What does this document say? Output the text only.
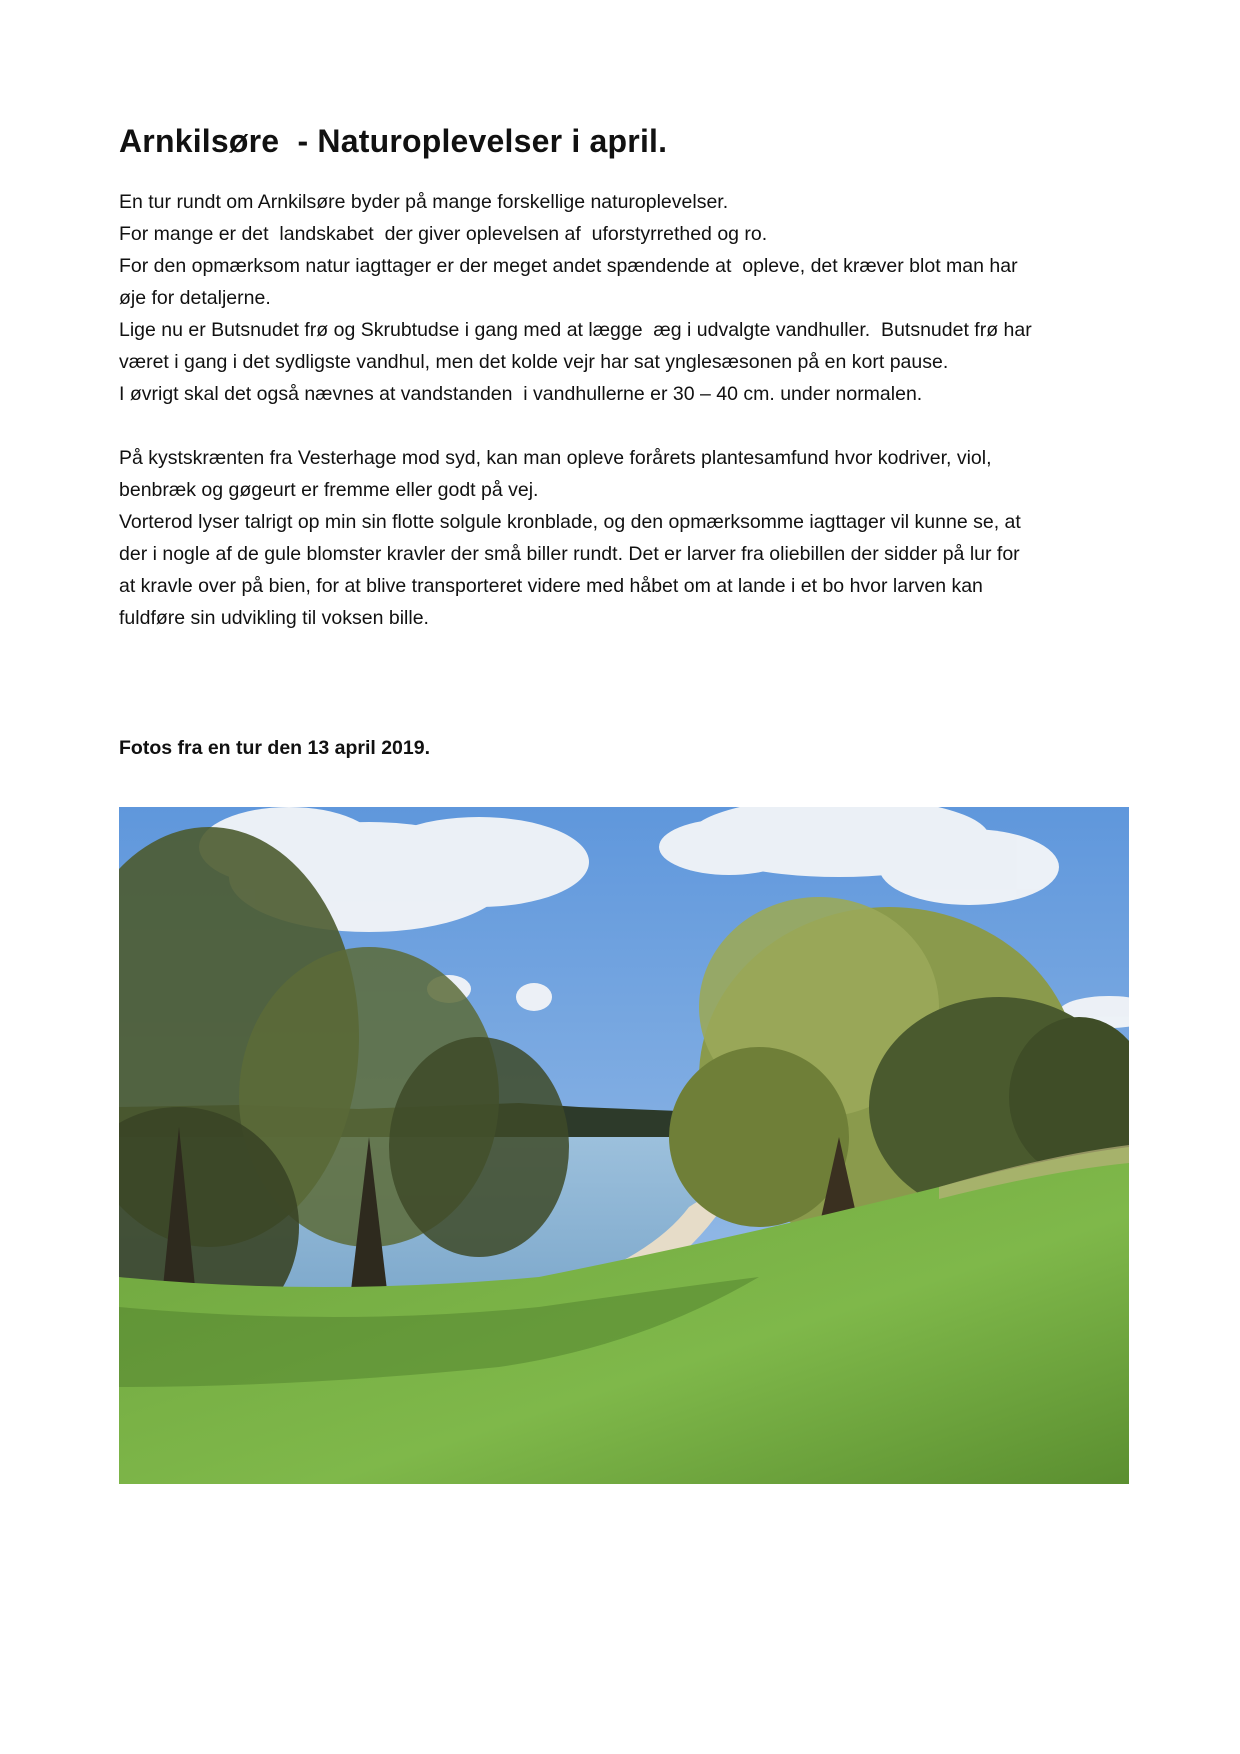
Arnkilsøre  - Naturoplevelser i april.

En tur rundt om Arnkilsøre byder på mange forskellige naturoplevelser.
For mange er det  landskabet  der giver oplevelsen af  uforstyrrethed og ro.
For den opmærksom natur iagttager er der meget andet spændende at  opleve, det kræver blot man har
øje for detaljerne.
Lige nu er Butsnudet frø og Skrubtudse i gang med at lægge  æg i udvalgte vandhuller.  Butsnudet frø har
været i gang i det sydligste vandhul, men det kolde vejr har sat ynglesæsonen på en kort pause.
I øvrigt skal det også nævnes at vandstanden  i vandhullerne er 30 – 40 cm. under normalen.

På kystskrænten fra Vesterhage mod syd, kan man opleve forårets plantesamfund hvor kodriver, viol,
benbræk og gøgeurt er fremme eller godt på vej.
Vorterod lyser talrigt op min sin flotte solgule kronblade, og den opmærksomme iagttager vil kunne se, at
der i nogle af de gule blomster kravler der små biller rundt. Det er larver fra oliebillen der sidder på lur for
at kravle over på bien, for at blive transporteret videre med håbet om at lande i et bo hvor larven kan
fuldføre sin udvikling til voksen bille.

Fotos fra en tur den 13 april 2019.
